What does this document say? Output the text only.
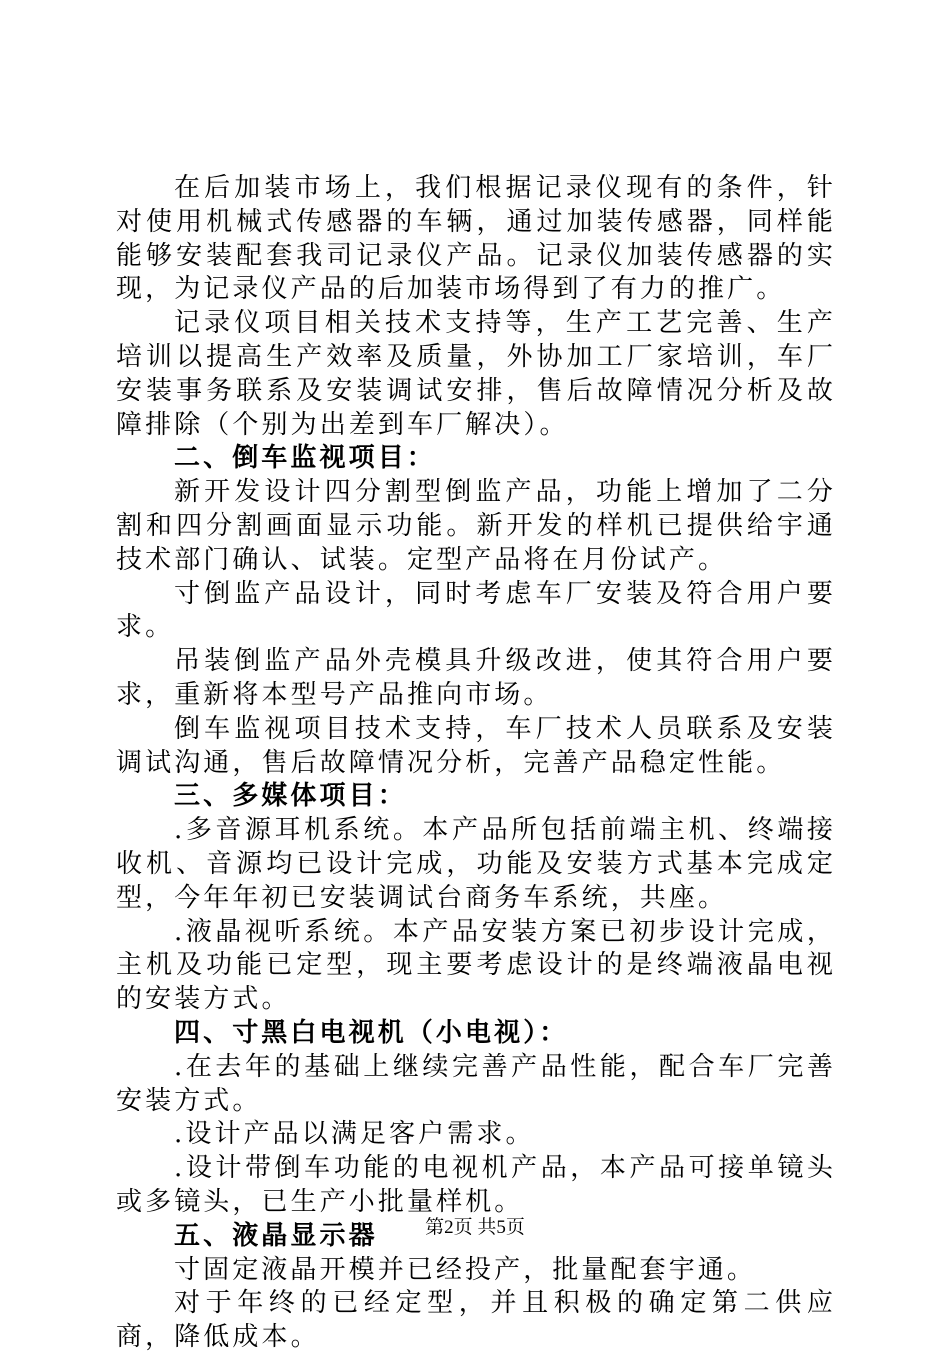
在后加装市场上，我们根据记录仪现有的条件，针对使用机械式传感器的车辆，通过加装传感器，同样能能够安装配套我司记录仪产品。记录仪加装传感器的实现，为记录仪产品的后加装市场得到了有力的推广。

记录仪项目相关技术支持等，生产工艺完善、生产培训以提高生产效率及质量，外协加工厂家培训，车厂安装事务联系及安装调试安排，售后故障情况分析及故障排除（个别为出差到车厂解决）。

二、倒车监视项目：

新开发设计四分割型倒监产品，功能上增加了二分割和四分割画面显示功能。新开发的样机已提供给宇通技术部门确认、试装。定型产品将在月份试产。

寸倒监产品设计，同时考虑车厂安装及符合用户要求。

吊装倒监产品外壳模具升级改进，使其符合用户要求，重新将本型号产品推向市场。

倒车监视项目技术支持，车厂技术人员联系及安装调试沟通，售后故障情况分析，完善产品稳定性能。

三、多媒体项目：

.多音源耳机系统。本产品所包括前端主机、终端接收机、音源均已设计完成，功能及安装方式基本完成定型，今年年初已安装调试台商务车系统，共座。

.液晶视听系统。本产品安装方案已初步设计完成，主机及功能已定型，现主要考虑设计的是终端液晶电视的安装方式。

四、寸黑白电视机（小电视）：

.在去年的基础上继续完善产品性能，配合车厂完善安装方式。

.设计产品以满足客户需求。

.设计带倒车功能的电视机产品，本产品可接单镜头或多镜头，已生产小批量样机。

五、液晶显示器

寸固定液晶开模并已经投产，批量配套宇通。

对于年终的已经定型，并且积极的确定第二供应商，降低成本。

第2页 共5页
